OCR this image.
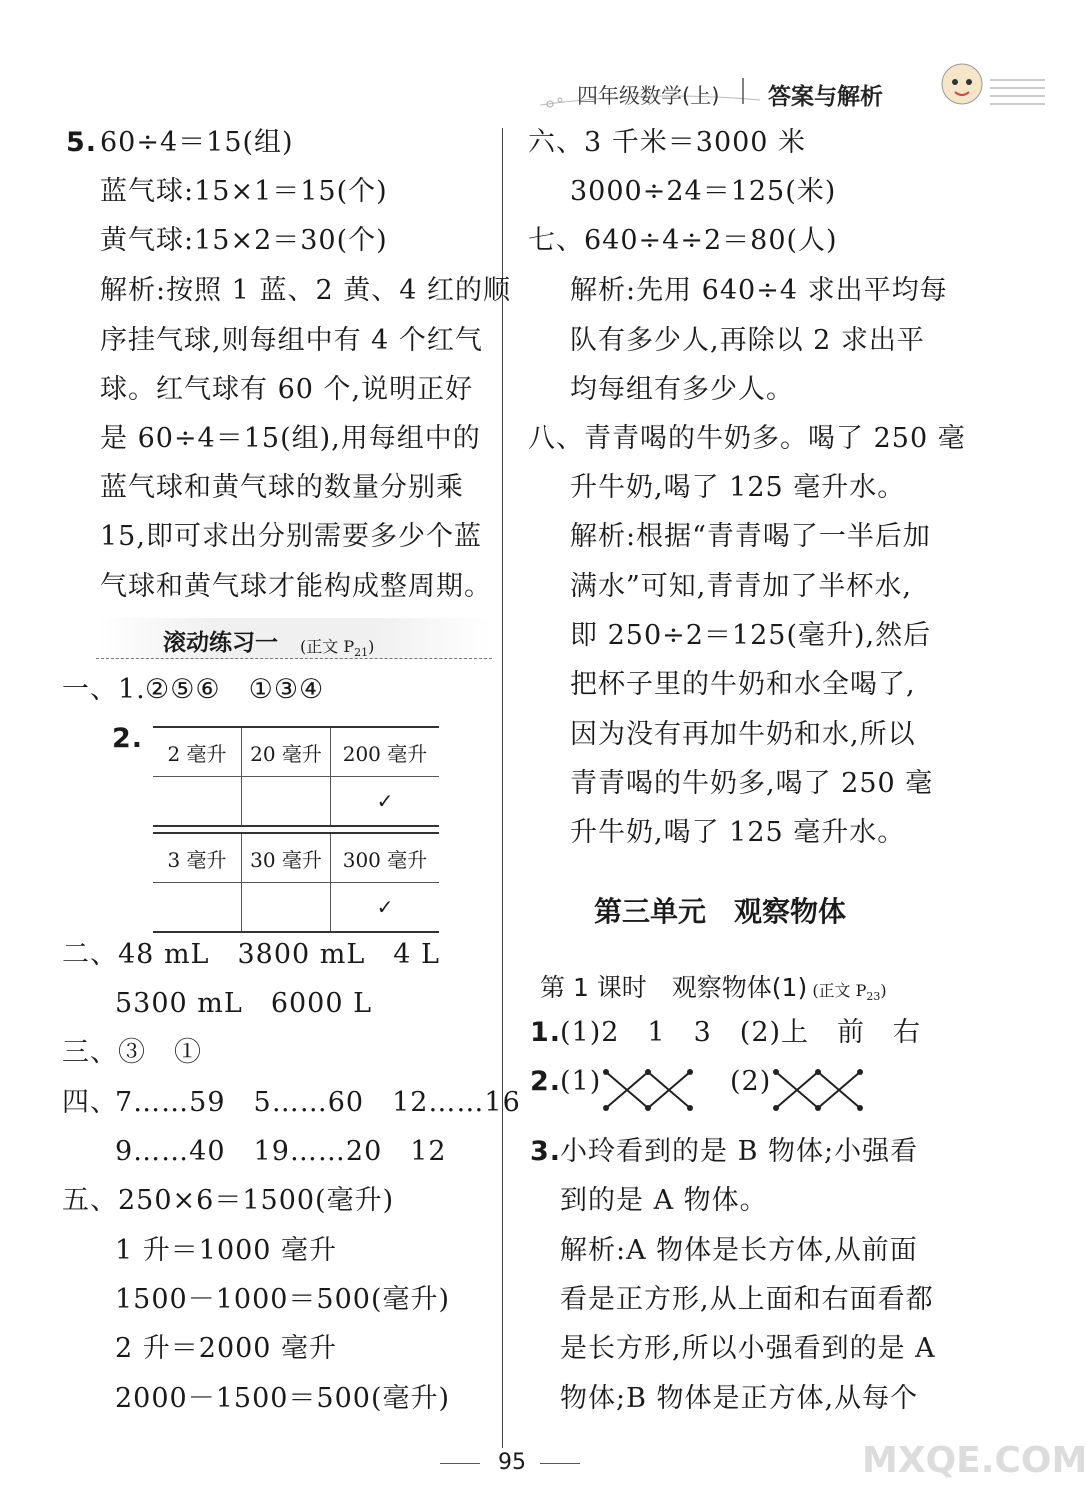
四年级数学(上) 答案与解析
5. 60÷4＝15(组)
蓝气球:15×1＝15(个)
黄气球:15×2＝30(个)
解析:按照 1 蓝、2 黄、4 红的顺
序挂气球,则每组中有 4 个红气
球。红气球有 60 个,说明正好
是 60÷4＝15(组),用每组中的
蓝气球和黄气球的数量分别乘
15,即可求出分别需要多少个蓝
气球和黄气球才能构成整周期。
滚动练习一 (正文 $P_{21}$)
一、1. ②⑤⑥　①③④
2. 2 毫升	20 毫升	200 毫升
		✓
3 毫升	30 毫升	300 毫升
		✓
二、48 mL　3800 mL　4 L
5300 mL　6000 L
三、③　①
四、
7……59　5……60　12……16
9……40　19……20　12
五、250×6＝1500(毫升)
1 升＝1000 毫升
1500－1000＝500(毫升)
2 升＝2000 毫升
2000－1500＝500(毫升)
六、3 千米＝3000 米
3000÷24＝125(米)
七、640÷4÷2＝80(人)
解析:先用 640÷4 求出平均每
队有多少人,再除以 2 求出平
均每组有多少人。
八、青青喝的牛奶多。喝了 250 毫
升牛奶,喝了 125 毫升水。
解析:根据“青青喝了一半后加
满水”可知,青青加了半杯水,
即 250÷2＝125(毫升),然后
把杯子里的牛奶和水全喝了,
因为没有再加牛奶和水,所以
青青喝的牛奶多,喝了 250 毫
升牛奶,喝了 125 毫升水。
第三单元　观察物体
第 1 课时　观察物体(1) (正文 $P_{23}$)
1.
(1)2　1　3　(2)上　前　右
2.
(1)	(2)
3.
小玲看到的是 B 物体;小强看
到的是 A 物体。
解析:A 物体是长方体,从前面
看是正方形,从上面和右面看都
是长方形,所以小强看到的是 A
物体;B 物体是正方体,从每个
95	MXQE.COM
